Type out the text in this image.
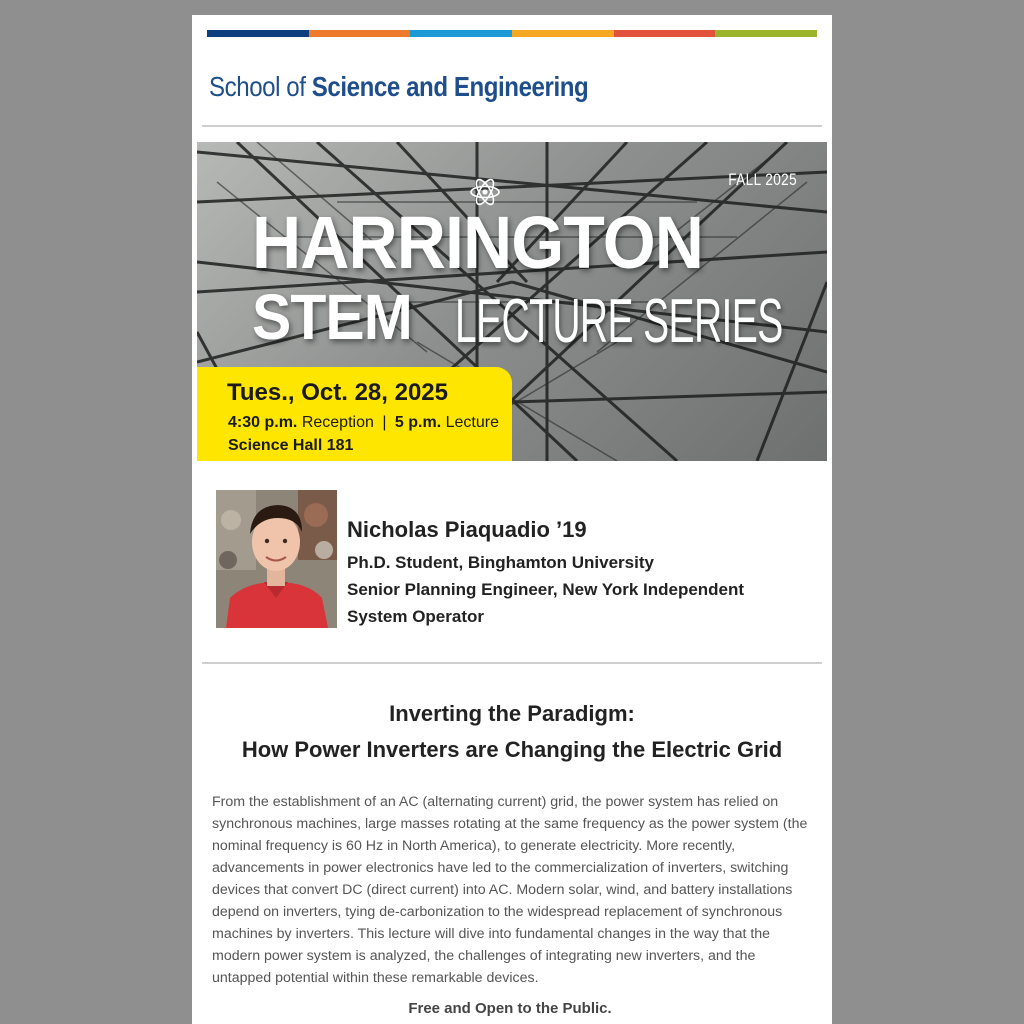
School of Science and Engineering
FALL 2025
HARRINGTON
STEM LECTURE SERIES
Tues., Oct. 28, 2025
4:30 p.m. Reception | 5 p.m. Lecture
Science Hall 181
Nicholas Piaquadio ’19
Ph.D. Student, Binghamton University
Senior Planning Engineer, New York Independent
System Operator
Inverting the Paradigm:
How Power Inverters are Changing the Electric Grid

From the establishment of an AC (alternating current) grid, the power system has relied on synchronous machines, large masses rotating at the same frequency as the power system (the nominal frequency is 60 Hz in North America), to generate electricity. More recently, advancements in power electronics have led to the commercialization of inverters, switching devices that convert DC (direct current) into AC. Modern solar, wind, and battery installations depend on inverters, tying de-carbonization to the widespread replacement of synchronous machines by inverters. This lecture will dive into fundamental changes in the way that the modern power system is analyzed, the challenges of integrating new inverters, and the untapped potential within these remarkable devices.

Free and Open to the Public.
